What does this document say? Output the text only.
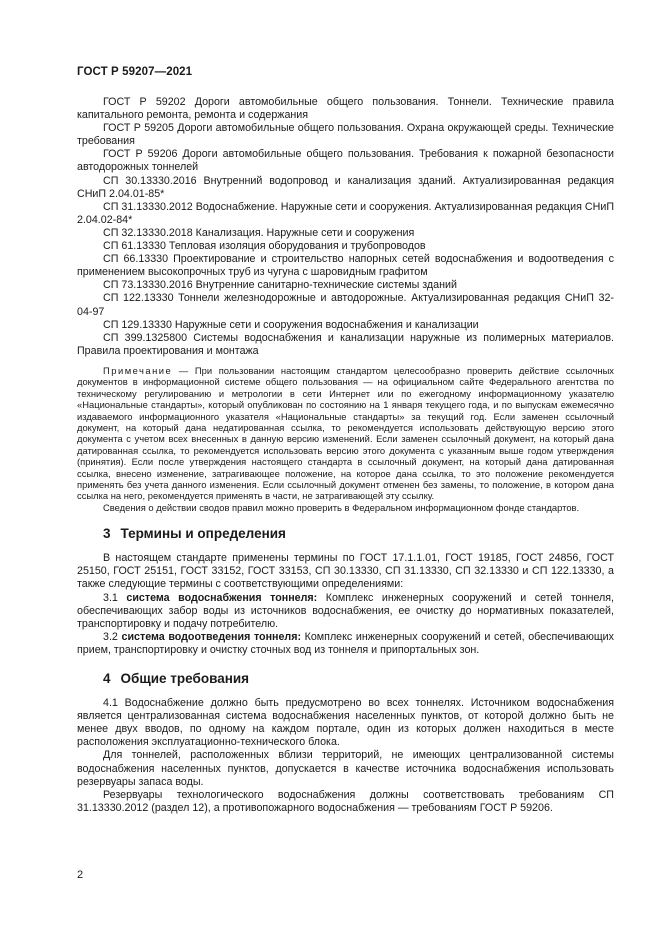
ГОСТ Р 59207—2021

ГОСТ Р 59202 Дороги автомобильные общего пользования. Тоннели. Технические правила капитального ремонта, ремонта и содержания

ГОСТ Р 59205 Дороги автомобильные общего пользования. Охрана окружающей среды. Технические требования

ГОСТ Р 59206 Дороги автомобильные общего пользования. Требования к пожарной безопасности автодорожных тоннелей

СП 30.13330.2016 Внутренний водопровод и канализация зданий. Актуализированная редакция СНиП 2.04.01-85*

СП 31.13330.2012 Водоснабжение. Наружные сети и сооружения. Актуализированная редакция СНиП 2.04.02-84*

СП 32.13330.2018 Канализация. Наружные сети и сооружения

СП 61.13330 Тепловая изоляция оборудования и трубопроводов

СП 66.13330 Проектирование и строительство напорных сетей водоснабжения и водоотведения с применением высокопрочных труб из чугуна с шаровидным графитом

СП 73.13330.2016 Внутренние санитарно-технические системы зданий

СП 122.13330 Тоннели железнодорожные и автодорожные. Актуализированная редакция СНиП 32-04-97

СП 129.13330 Наружные сети и сооружения водоснабжения и канализации

СП 399.1325800 Системы водоснабжения и канализации наружные из полимерных материалов. Правила проектирования и монтажа

Примечание — При пользовании настоящим стандартом целесообразно проверить действие ссылочных документов в информационной системе общего пользования — на официальном сайте Федерального агентства по техническому регулированию и метрологии в сети Интернет или по ежегодному информационному указателю «Национальные стандарты», который опубликован по состоянию на 1 января текущего года, и по выпускам ежемесячно издаваемого информационного указателя «Национальные стандарты» за текущий год. Если заменен ссылочный документ, на который дана недатированная ссылка, то рекомендуется использовать действующую версию этого документа с учетом всех внесенных в данную версию изменений. Если заменен ссылочный документ, на который дана датированная ссылка, то рекомендуется использовать версию этого документа с указанным выше годом утверждения (принятия). Если после утверждения настоящего стандарта в ссылочный документ, на который дана датированная ссылка, внесено изменение, затрагивающее положение, на которое дана ссылка, то это положение рекомендуется применять без учета данного изменения. Если ссылочный документ отменен без замены, то положение, в котором дана ссылка на него, рекомендуется применять в части, не затрагивающей эту ссылку.

Сведения о действии сводов правил можно проверить в Федеральном информационном фонде стандартов.

3 Термины и определения

В настоящем стандарте применены термины по ГОСТ 17.1.1.01, ГОСТ 19185, ГОСТ 24856, ГОСТ 25150, ГОСТ 25151, ГОСТ 33152, ГОСТ 33153, СП 30.13330, СП 31.13330, СП 32.13330 и СП 122.13330, а также следующие термины с соответствующими определениями:

3.1 система водоснабжения тоннеля: Комплекс инженерных сооружений и сетей тоннеля, обеспечивающих забор воды из источников водоснабжения, ее очистку до нормативных показателей, транспортировку и подачу потребителю.

3.2 система водоотведения тоннеля: Комплекс инженерных сооружений и сетей, обеспечивающих прием, транспортировку и очистку сточных вод из тоннеля и припортальных зон.

4 Общие требования

4.1 Водоснабжение должно быть предусмотрено во всех тоннелях. Источником водоснабжения является централизованная система водоснабжения населенных пунктов, от которой должно быть не менее двух вводов, по одному на каждом портале, один из которых должен находиться в месте расположения эксплуатационно-технического блока.

Для тоннелей, расположенных вблизи территорий, не имеющих централизованной системы водоснабжения населенных пунктов, допускается в качестве источника водоснабжения использовать резервуары запаса воды.

Резервуары технологического водоснабжения должны соответствовать требованиям СП 31.13330.2012 (раздел 12), а противопожарного водоснабжения — требованиям ГОСТ Р 59206.

2
